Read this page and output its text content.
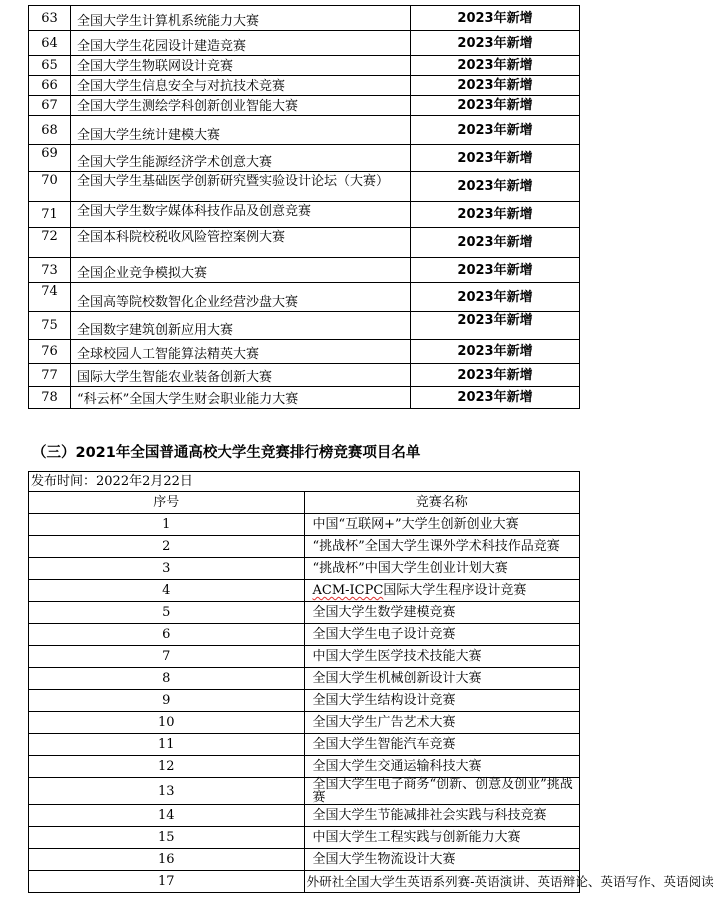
63	全国大学生计算机系统能力大赛	2023年新增
64	全国大学生花园设计建造竞赛	2023年新增
65	全国大学生物联网设计竞赛	2023年新增
66	全国大学生信息安全与对抗技术竞赛	2023年新增
67	全国大学生测绘学科创新创业智能大赛	2023年新增
68	全国大学生统计建模大赛	2023年新增
69	全国大学生能源经济学术创意大赛	2023年新增
70	全国大学生基础医学创新研究暨实验设计论坛（大赛）	2023年新增
71	全国大学生数字媒体科技作品及创意竞赛	2023年新增
72	全国本科院校税收风险管控案例大赛	2023年新增
73	全国企业竞争模拟大赛	2023年新增
74	全国高等院校数智化企业经营沙盘大赛	2023年新增
75	全国数字建筑创新应用大赛	2023年新增
76	全球校园人工智能算法精英大赛	2023年新增
77	国际大学生智能农业装备创新大赛	2023年新增
78	“科云杯”全国大学生财会职业能力大赛	2023年新增
（三）2021年全国普通高校大学生竞赛排行榜竞赛项目名单
发布时间：2022年2月22日	
序号	竞赛名称
1	中国“互联网+”大学生创新创业大赛
2	“挑战杯”全国大学生课外学术科技作品竞赛
3	“挑战杯”中国大学生创业计划大赛
4	ACM-ICPC国际大学生程序设计竞赛
5	全国大学生数学建模竞赛
6	全国大学生电子设计竞赛
7	中国大学生医学技术技能大赛
8	全国大学生机械创新设计大赛
9	全国大学生结构设计竞赛
10	全国大学生广告艺术大赛
11	全国大学生智能汽车竞赛
12	全国大学生交通运输科技大赛
13	全国大学生电子商务“创新、创意及创业”挑战赛
14	全国大学生节能减排社会实践与科技竞赛
15	中国大学生工程实践与创新能力大赛
16	全国大学生物流设计大赛
17	外研社全国大学生英语系列赛-英语演讲、英语辩论、英语写作、英语阅读
